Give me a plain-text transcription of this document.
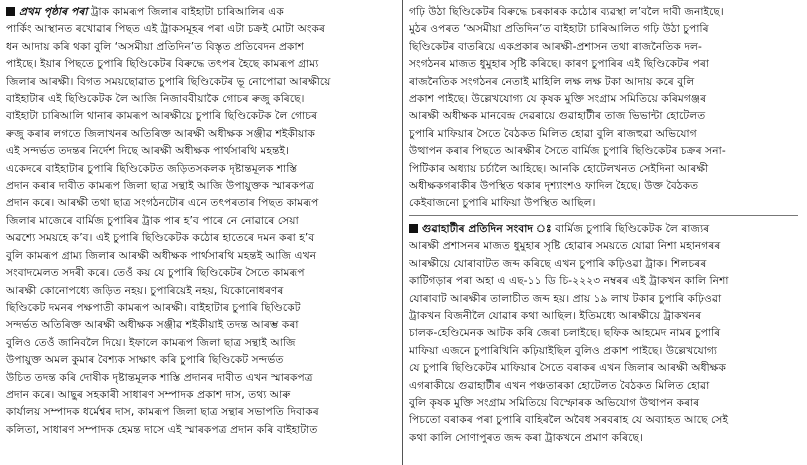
প্ৰথম পৃষ্ঠাৰ পৰা ট্ৰাক কামৰূপ জিলাৰ বাইহাটা চাৰিআলিৰ এক
পাৰ্কিং আস্থানত ৰখোৱাৰ পিছত এই ট্ৰাকসমূহৰ পৰা এটা চক্ৰই মোটা অংকৰ
ধন আদায় কৰি থকা বুলি ‘অসমীয়া প্ৰতিদিন’ত বিস্তৃত প্ৰতিবেদন প্ৰকাশ
পাইছে। ইয়াৰ পিছতে চুপাৰি ছিণ্ডিকেটৰ বিৰুদ্ধে তৎপৰ হৈছে কামৰূপ গ্ৰাম্য
জিলাৰ আৰক্ষী। বিগত সময়ছোৱাত চুপাৰি ছিণ্ডিকেটৰ ভূ নোপোৱা আৰক্ষীয়ে
বাইহাটাৰ এই ছিণ্ডিকেটক লৈ আজি নিজাববীয়াকৈ গোচৰ ৰুজু কৰিছে।
বাইহাটা চাৰিআলি থানাৰ কামৰূপ আৰক্ষীয়ে চুপাৰি ছিণ্ডিকেটক লৈ গোচৰ
ৰুজু কৰাৰ লগতে জিলাখনৰ অতিৰিক্ত আৰক্ষী অধীক্ষক সঞ্জীৱ শইকীয়াক
এই সন্দৰ্ভত তদন্তৰ নিৰ্দেশ দিছে আৰক্ষী অধীক্ষক পাৰ্থসাৰথি মহন্তই।
একেদৰে বাইহাটাৰ চুপাৰি ছিণ্ডিকেটত জড়িতসকলক দৃষ্টান্তমূলক শাস্তি
প্ৰদান কৰাৰ দাবীত কামৰূপ জিলা ছাত্ৰ সন্থাই আজি উপায়ুক্তক স্মাৰকপত্ৰ
প্ৰদান কৰে। আৰক্ষী তথা ছাত্ৰ সংগঠনটোৰ এনে তৎপৰতাৰ পিছত কামৰূপ
জিলাৰ মাজেৰে বাৰ্মিজ চুপাৰিৰ ট্ৰাক পাৰ হ’ব পাৰে নে নোৱাৰে সেয়া
অৱশ্যে সময়হে ক’ব। এই চুপাৰি ছিণ্ডিকেটক কঠোৰ হাতেৰে দমন কৰা হ’ব
বুলি কামৰূপ গ্ৰাম্য জিলাৰ আৰক্ষী অধীক্ষক পাৰ্থসাৰথি মহন্তই আজি এখন
সংবাদমেলত সদৰী কৰে। তেওঁ কয় যে চুপাৰি ছিণ্ডিকেটৰ সৈতে কামৰূপ
আৰক্ষী কোনোপধ্যে জড়িত নহয়। চুপাৰিয়েই নহয়, যিকোনোধৰণৰ
ছিণ্ডিকেট দমনৰ পক্ষপাতী কামৰূপ আৰক্ষী। বাইহাটাৰ চুপাৰি ছিণ্ডিকেট
সন্দৰ্ভত অতিৰিক্ত আৰক্ষী অধীক্ষক সঞ্জীৱ শইকীয়াই তদন্ত আৰম্ভ কৰা
বুলিও তেওঁ জানিবলৈ দিয়ে। ইফালে কামৰূপ জিলা ছাত্ৰ সন্থাই আজি
উপায়ুক্ত অমল কুমাৰ বৈশ্যক সাক্ষাৎ কৰি চুপাৰি ছিণ্ডিকেট সন্দৰ্ভত
উচিত তদন্ত কৰি দোষীক দৃষ্টান্তমূলক শাস্তি প্ৰদানৰ দাবীত এখন স্মাৰকপত্ৰ
প্ৰদান কৰে। আছুৰ সহকাৰী সাধাৰণ সম্পাদক প্ৰকাশ দাস, তথ্য আৰু
কাৰ্যালয় সম্পাদক ধৰ্মেশ্বৰ দাস, কামৰূপ জিলা ছাত্ৰ সন্থাৰ সভাপতি দিবাকৰ
কলিতা, সাধাৰণ সম্পাদক হেমন্ত দাসে এই স্মাৰকপত্ৰ প্ৰদান কৰি বাইহাটাত
গঢ়ি উঠা ছিণ্ডিকেটৰ বিৰুদ্ধে চৰকাৰক কঠোৰ ব্যৱস্থা ল’বলৈ দাবী জনাইছে।
মুঠৰ ওপৰত ‘অসমীয়া প্ৰতিদিন’ত বাইহাটা চাৰিআলিত গঢ়ি উঠা চুপাৰি
ছিণ্ডিকেটৰ বাতৰিয়ে একপ্ৰকাৰ আৰক্ষী-প্ৰশাসন তথা ৰাজনৈতিক দল-
সংগঠনৰ মাজত ধুমুহাৰ সৃষ্টি কৰিছে। কাৰণ চুপাৰিৰ এই ছিণ্ডিকেটৰ পৰা
ৰাজনৈতিক সংগঠনৰ নেতাই মাহিলি লক্ষ লক্ষ টকা আদায় কৰে বুলি
প্ৰকাশ পাইছে। উল্লেখযোগ্য যে কৃষক মুক্তি সংগ্ৰাম সমিতিয়ে কৰিমগঞ্জৰ
আৰক্ষী অধীক্ষক মানবেন্দ্ৰ দেৱৰায়ে গুৱাহাটীৰ তাজ ভিভান্টা হোটেলত
চুপাৰি মাফিয়াৰ সৈতে বৈঠকত মিলিত হোৱা বুলি ৰাজহুৱা অভিযোগ
উত্থাপন কৰাৰ পিছতে আৰক্ষীৰ সৈতে বাৰ্মিজ চুপাৰি ছিণ্ডিকেটৰ চক্ৰৰ সনা-
পিটিকাৰ অধ্যায় চৰ্চালৈ আহিছে। আনকি হোটেলখনত সেইদিনা আৰক্ষী
অধীক্ষকগৰাকীৰ উপস্থিত থকাৰ দৃশ্যাংশও ফাদিল হৈছে। উক্ত বৈঠকত
কেইবাজনো চুপাৰি মাফিয়া উপস্থিত আছিল।
গুৱাহাটীৰ প্ৰতিদিন সংবাদ ঃ বাৰ্মিজ চুপাৰি ছিণ্ডিকেটক লৈ ৰাজ্যৰ
আৰক্ষী প্ৰশাসনৰ মাজত ধুমুহাৰ সৃষ্টি হোৱাৰ সময়তে যোৱা নিশা মহানগৰৰ
আৰক্ষীয়ে যোৰাবাটত জব্দ কৰিছে এখন চুপাৰি কঢ়িওৱা ট্ৰাক। শিলচৰৰ
কাটিগড়াৰ পৰা অহা এ এছ-১১ ডি চি-২২২৩ নম্বৰৰ এই ট্ৰাকখন কালি নিশা
যোৰাবাট আৰক্ষীৰ তালাচীত জব্দ হয়। প্ৰায় ১৯ লাখ টকাৰ চুপাৰি কঢ়িওৱা
ট্ৰাকখন বিজনীলৈ যোৱাৰ কথা আছিল। ইতিমধ্যে আৰক্ষীয়ে ট্ৰাকখনৰ
চালক-হেণ্ডিমেনক আটক কৰি জেৰা চলাইছে। ছফিক আহমেদ নামৰ চুপাৰি
মাফিয়া এজনে চুপাৰিখিনি কঢ়িয়াইছিল বুলিও প্ৰকাশ পাইছে। উল্লেখযোগ্য
যে চুপাৰি ছিণ্ডিকেটৰ মাফিয়াৰ সৈতে বৰাকৰ এখন জিলাৰ আৰক্ষী অধীক্ষক
এগৰাকীয়ে গুৱাহাটীৰ এখন পঞ্চতাৰকা হোটেলত বৈঠকত মিলিত হোৱা
বুলি কৃষক মুক্তি সংগ্ৰাম সমিতিয়ে বিস্ফোৰক অভিযোগ উত্থাপন কৰাৰ
পিচতো বৰাকৰ পৰা চুপাৰি বাহিৰলৈ অবৈধ সৰবৰাহ যে অব্যাহত আছে সেই
কথা কালি সোণাপুৰত জব্দ কৰা ট্ৰাকখনে প্ৰমাণ কৰিছে।
